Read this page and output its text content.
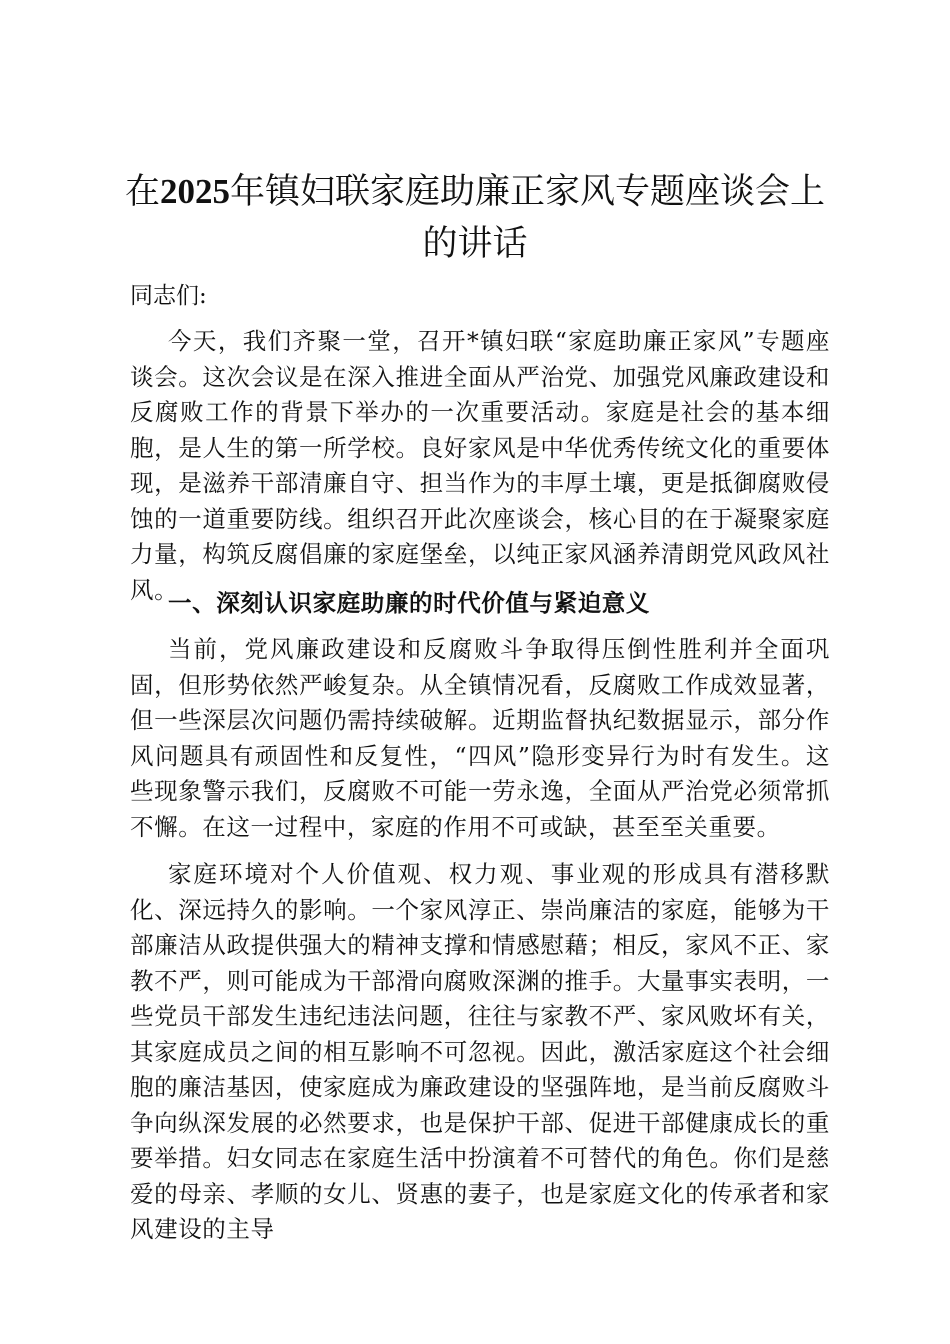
在2025年镇妇联家庭助廉正家风专题座谈会上的讲话

同志们:

今天，我们齐聚一堂，召开*镇妇联“家庭助廉正家风”专题座谈会。这次会议是在深入推进全面从严治党、加强党风廉政建设和反腐败工作的背景下举办的一次重要活动。家庭是社会的基本细胞，是人生的第一所学校。良好家风是中华优秀传统文化的重要体现，是滋养干部清廉自守、担当作为的丰厚土壤，更是抵御腐败侵蚀的一道重要防线。组织召开此次座谈会，核心目的在于凝聚家庭力量，构筑反腐倡廉的家庭堡垒，以纯正家风涵养清朗党风政风社风。

一、深刻认识家庭助廉的时代价值与紧迫意义

当前，党风廉政建设和反腐败斗争取得压倒性胜利并全面巩固，但形势依然严峻复杂。从全镇情况看，反腐败工作成效显著，但一些深层次问题仍需持续破解。近期监督执纪数据显示，部分作风问题具有顽固性和反复性，“四风”隐形变异行为时有发生。这些现象警示我们，反腐败不可能一劳永逸，全面从严治党必须常抓不懈。在这一过程中，家庭的作用不可或缺，甚至至关重要。

家庭环境对个人价值观、权力观、事业观的形成具有潜移默化、深远持久的影响。一个家风淳正、崇尚廉洁的家庭，能够为干部廉洁从政提供强大的精神支撑和情感慰藉；相反，家风不正、家教不严，则可能成为干部滑向腐败深渊的推手。大量事实表明，一些党员干部发生违纪违法问题，往往与家教不严、家风败坏有关，其家庭成员之间的相互影响不可忽视。因此，激活家庭这个社会细胞的廉洁基因，使家庭成为廉政建设的坚强阵地，是当前反腐败斗争向纵深发展的必然要求，也是保护干部、促进干部健康成长的重要举措。妇女同志在家庭生活中扮演着不可替代的角色。你们是慈爱的母亲、孝顺的女儿、贤惠的妻子，也是家庭文化的传承者和家风建设的主导
